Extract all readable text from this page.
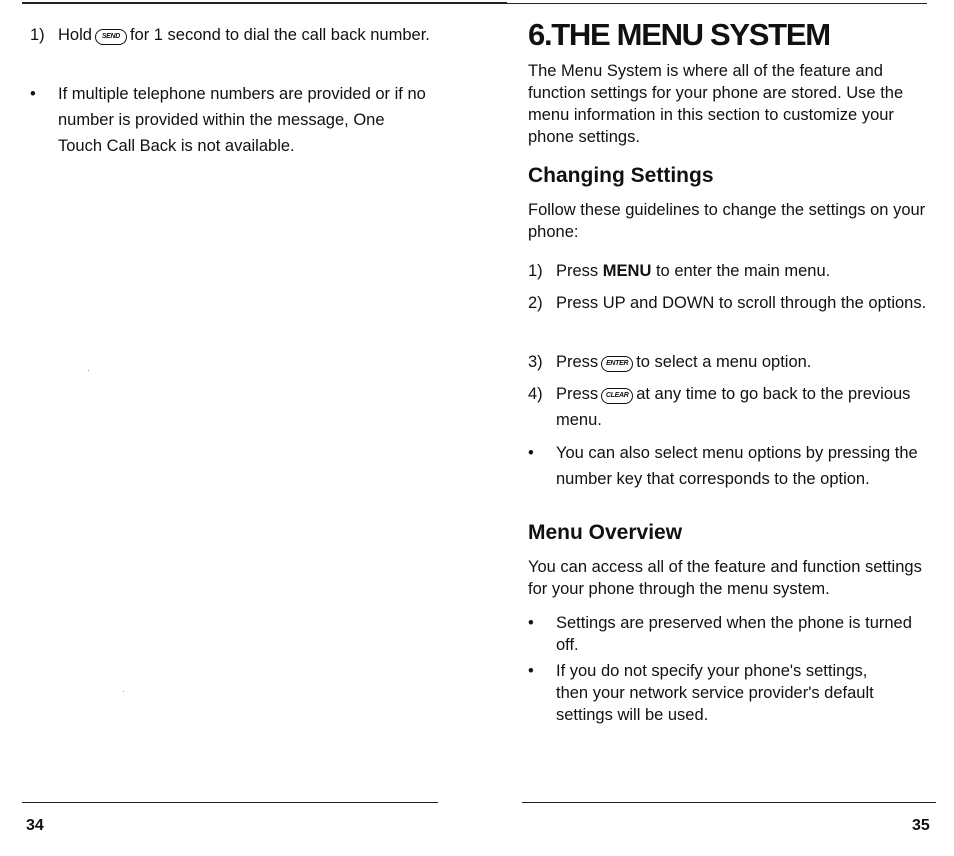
1) Hold SEND for 1 second to dial the call back number.
• If multiple telephone numbers are provided or if no number is provided within the message, One Touch Call Back is not available.
6.THE MENU SYSTEM

The Menu System is where all of the feature and function settings for your phone are stored. Use the menu information in this section to customize your phone settings.

Changing Settings

Follow these guidelines to change the settings on your phone:

1) Press MENU to enter the main menu.
2) Press UP and DOWN to scroll through the options.
3) Press ENTER to select a menu option.
4) Press CLEAR at any time to go back to the previous menu.
• You can also select menu options by pressing the number key that corresponds to the option.
Menu Overview

You can access all of the feature and function settings for your phone through the menu system.

• Settings are preserved when the phone is turned off.
• If you do not specify your phone's settings, then your network service provider's default settings will be used.
34	35
